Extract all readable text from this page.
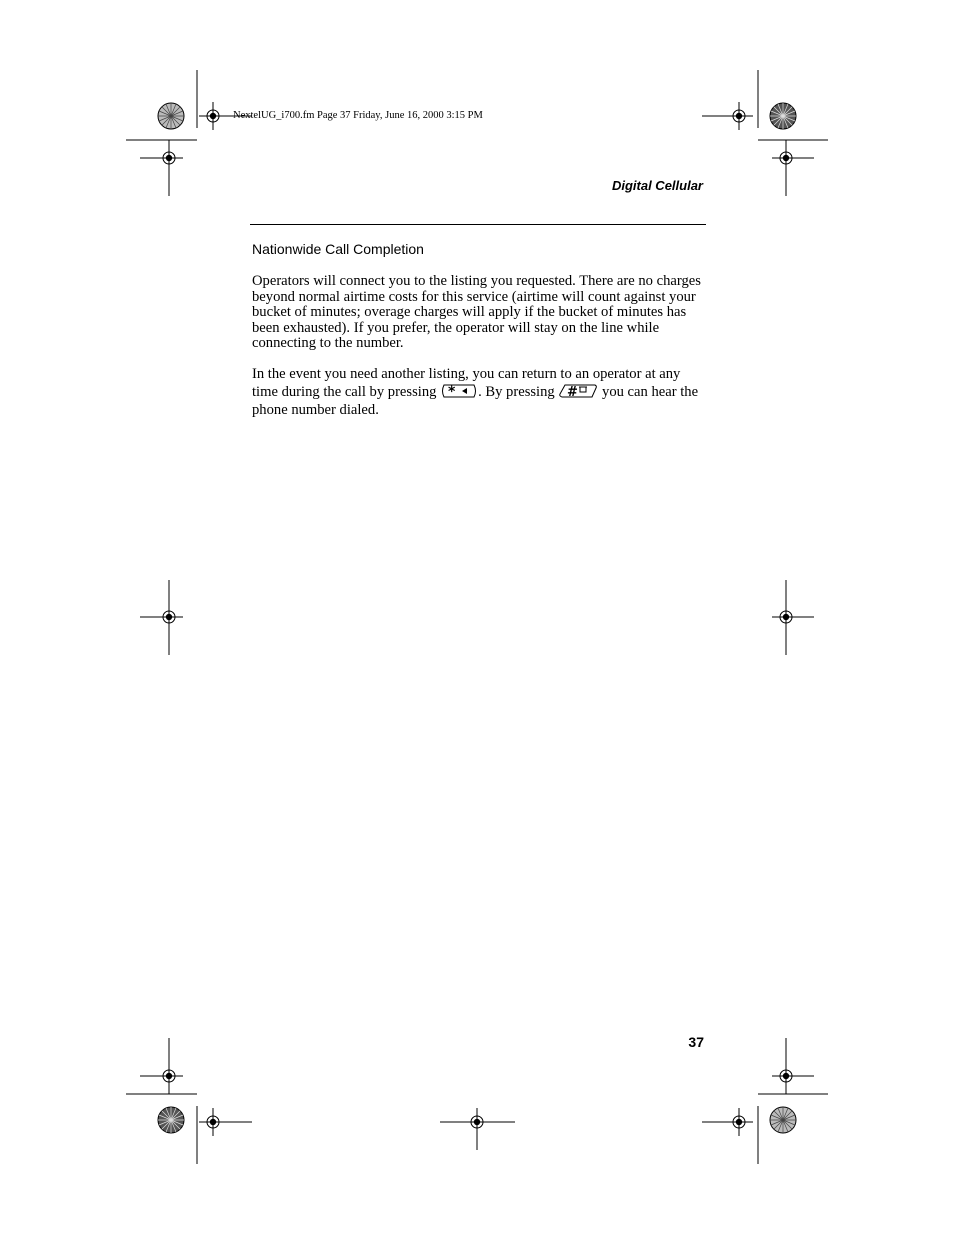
NextelUG_i700.fm Page 37 Friday, June 16, 2000 3:15 PM
Digital Cellular
Nationwide Call Completion
Operators will connect you to the listing you requested. There are no charges beyond normal airtime costs for this service (airtime will count against your bucket of minutes; overage charges will apply if the bucket of minutes has been exhausted). If you prefer, the operator will stay on the line while connecting to the number.
In the event you need another listing, you can return to an operator at any time during the call by pressing * . By pressing # you can hear the phone number dialed.
37
